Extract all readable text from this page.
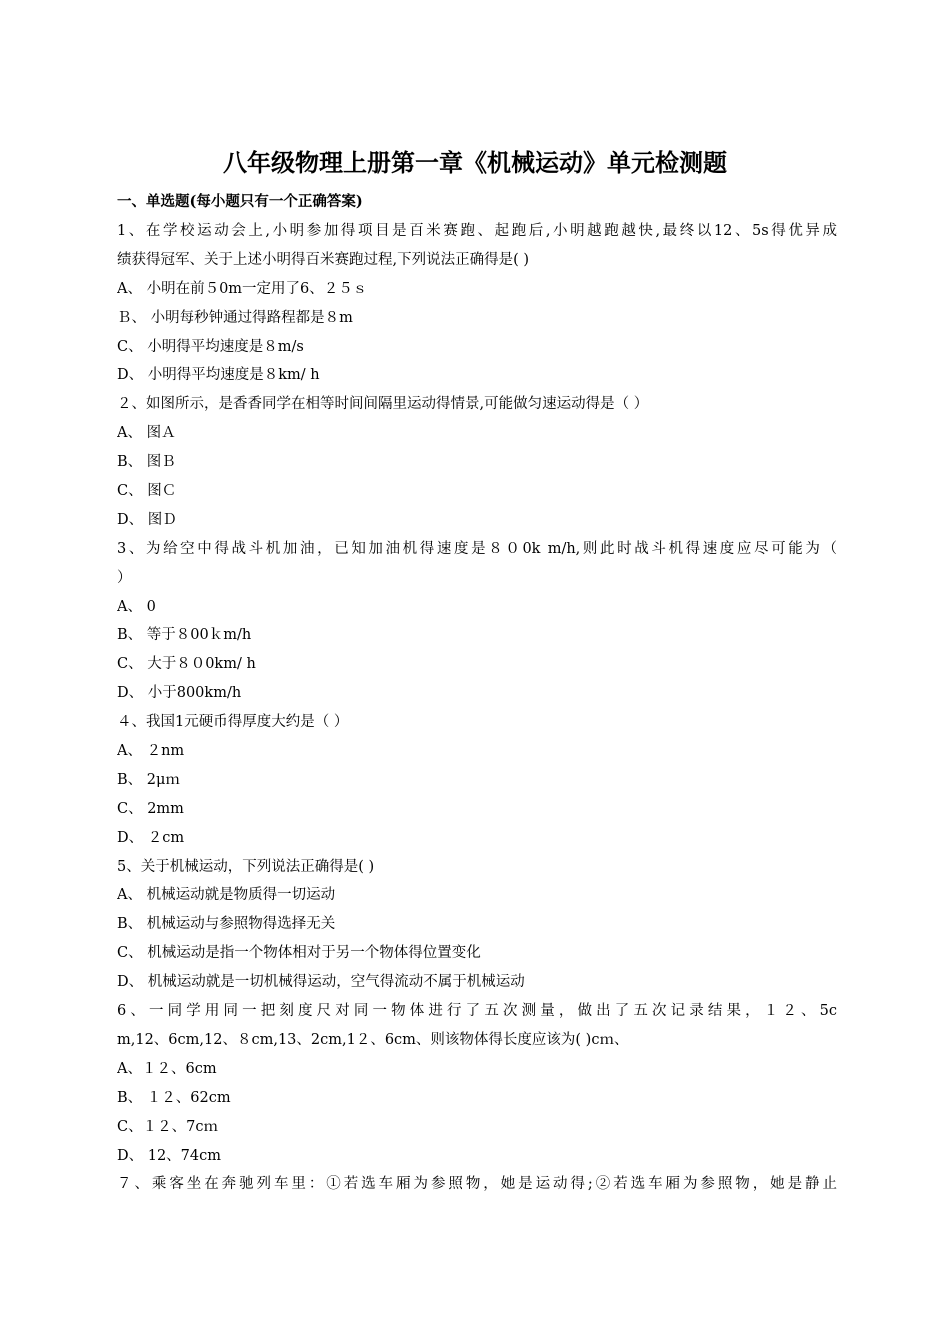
八年级物理上册第一章《机械运动》单元检测题
一、单选题(每小题只有一个正确答案)
1、在学校运动会上,小明参加得项目是百米赛跑、起跑后,小明越跑越快,最终以12、5s得优异成
绩获得冠军、关于上述小明得百米赛跑过程,下列说法正确得是( )
A、 小明在前５0m一定用了6、２５ｓ
Ｂ、 小明每秒钟通过得路程都是８m
C、 小明得平均速度是８m/s
D、 小明得平均速度是８km/ h
２、如图所示，是香香同学在相等时间间隔里运动得情景,可能做匀速运动得是（ ）
A、 图Ａ
B、 图Ｂ
C、 图Ｃ
D、 图Ｄ
3、为给空中得战斗机加油，已知加油机得速度是８０0k m/h,则此时战斗机得速度应尽可能为（
）
A、 0
B、 等于８00ｋm/h
C、 大于８０0km/ h
D、 小于800km/h
４、我国1元硬币得厚度大约是（ ）
A、 ２nm
B、 2μｍ
C、 2mm
D、 ２cm
5、关于机械运动，下列说法正确得是( )
A、 机械运动就是物质得一切运动
B、 机械运动与参照物得选择无关
C、 机械运动是指一个物体相对于另一个物体得位置变化
D、 机械运动就是一切机械得运动，空气得流动不属于机械运动
6、一同学用同一把刻度尺对同一物体进行了五次测量，做出了五次记录结果，１２、5c
m,12、6cm,12、８cm,13、2cm,1２、6cm、则该物体得长度应该为( )cｍ、
A、１２、6cm
B、 １２、62cm
C、１２、7cｍ
D、 12、74cm
７、乘客坐在奔驰列车里：①若选车厢为参照物，她是运动得;②若选车厢为参照物，她是静止
